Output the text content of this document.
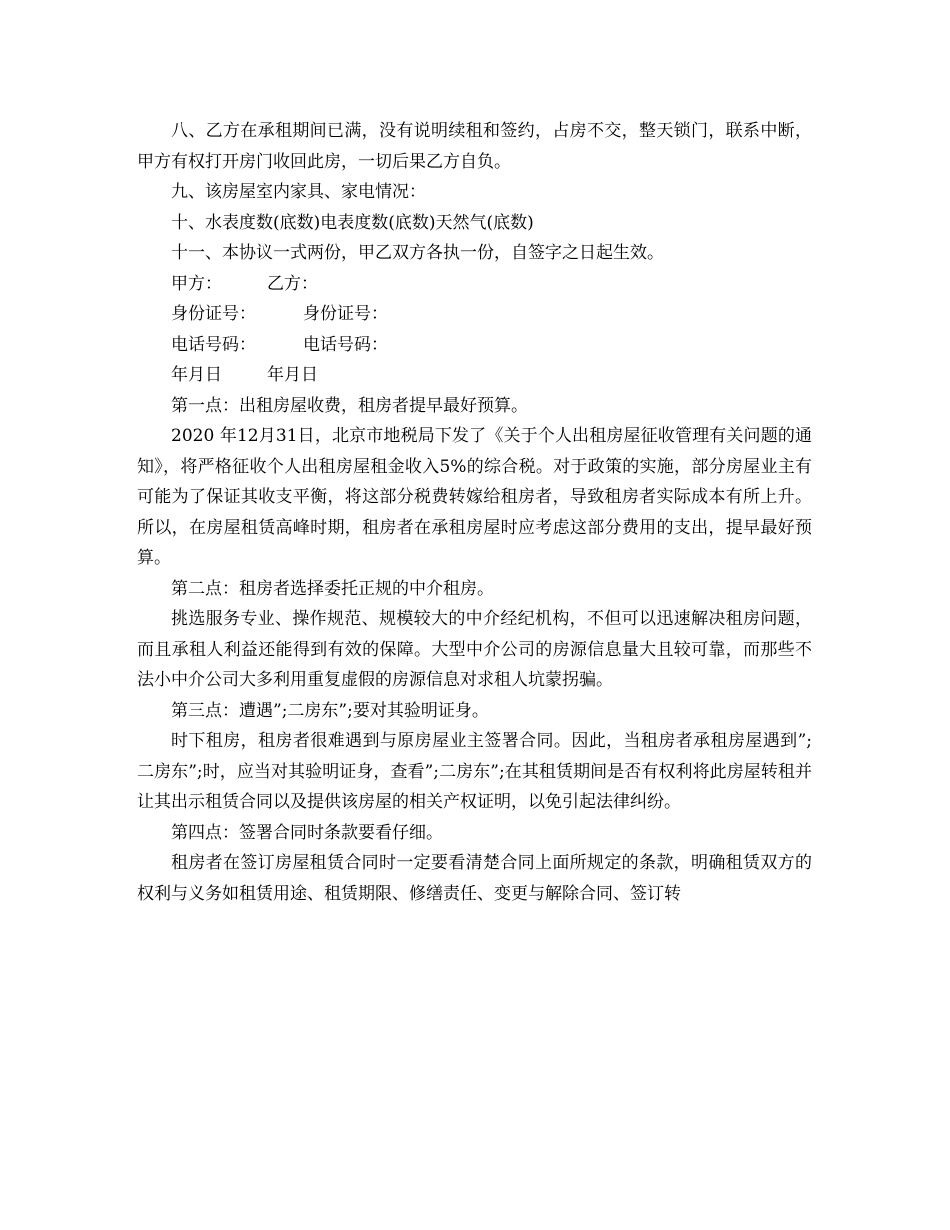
八、乙方在承租期间已满，没有说明续租和签约，占房不交，整天锁门，联系中断，甲方有权打开房门收回此房，一切后果乙方自负。

九、该房屋室内家具、家电情况：

十、水表度数(底数)电表度数(底数)天然气(底数)

十一、本协议一式两份，甲乙双方各执一份，自签字之日起生效。

甲方：	乙方：
身份证号：	身份证号：
电话号码：	电话号码：
年月日	年月日

第一点：出租房屋收费，租房者提早最好预算。

2020 年12月31日，北京市地税局下发了《关于个人出租房屋征收管理有关问题的通知》，将严格征收个人出租房屋租金收入5%的综合税。对于政策的实施，部分房屋业主有可能为了保证其收支平衡，将这部分税费转嫁给租房者，导致租房者实际成本有所上升。所以，在房屋租赁高峰时期，租房者在承租房屋时应考虑这部分费用的支出，提早最好预算。

第二点：租房者选择委托正规的中介租房。

挑选服务专业、操作规范、规模较大的中介经纪机构，不但可以迅速解决租房问题，而且承租人利益还能得到有效的保障。大型中介公司的房源信息量大且较可靠，而那些不法小中介公司大多利用重复虚假的房源信息对求租人坑蒙拐骗。

第三点：遭遇”;二房东”;要对其验明证身。

时下租房，租房者很难遇到与原房屋业主签署合同。因此，当租房者承租房屋遇到”;二房东”;时，应当对其验明证身，查看”;二房东”;在其租赁期间是否有权利将此房屋转租并让其出示租赁合同以及提供该房屋的相关产权证明，以免引起法律纠纷。

第四点：签署合同时条款要看仔细。

租房者在签订房屋租赁合同时一定要看清楚合同上面所规定的条款，明确租赁双方的权利与义务如租赁用途、租赁期限、修缮责任、变更与解除合同、签订转
